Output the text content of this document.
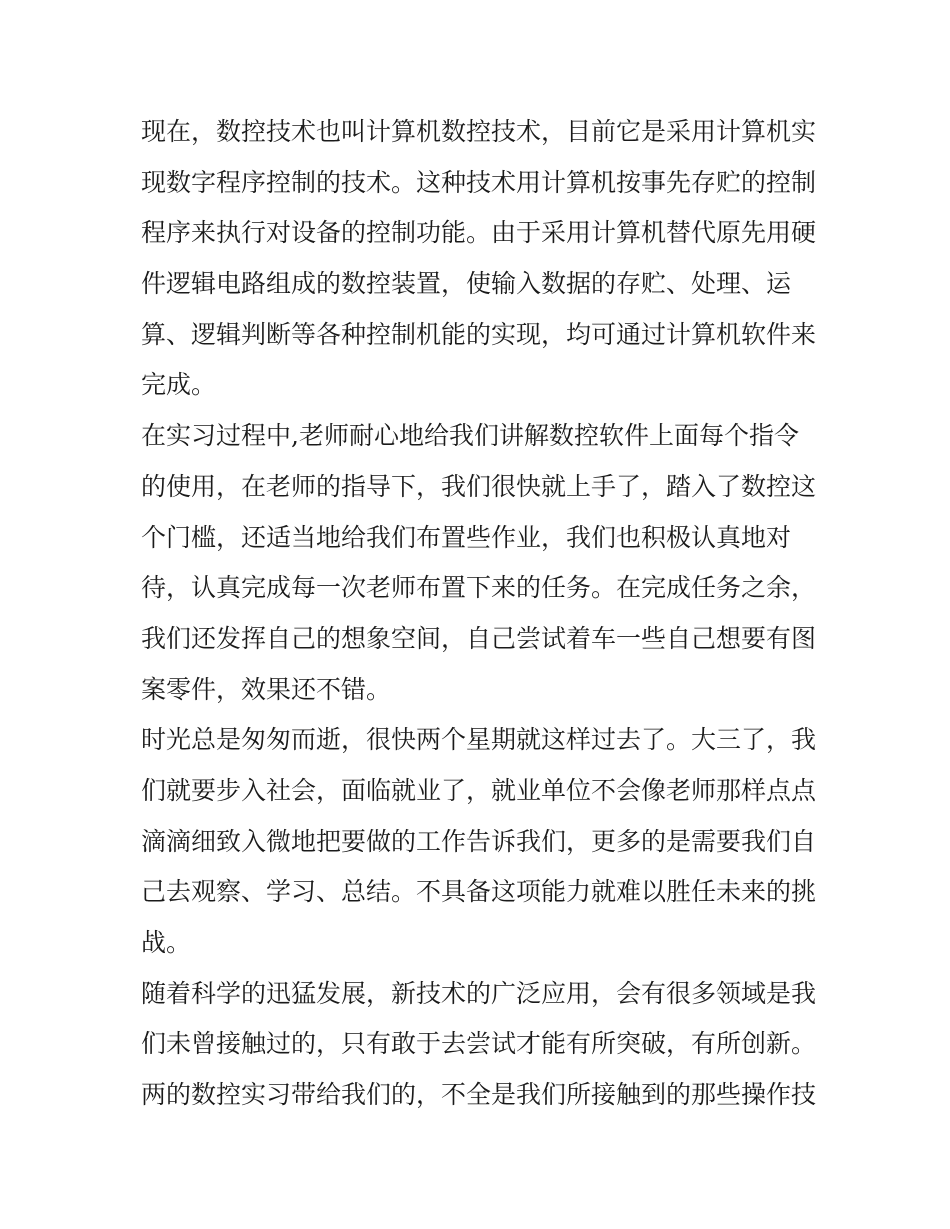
现在，数控技术也叫计算机数控技术，目前它是采用计算机实
现数字程序控制的技术。这种技术用计算机按事先存贮的控制
程序来执行对设备的控制功能。由于采用计算机替代原先用硬
件逻辑电路组成的数控装置，使输入数据的存贮、处理、运
算、逻辑判断等各种控制机能的实现，均可通过计算机软件来
完成。
在实习过程中,老师耐心地给我们讲解数控软件上面每个指令
的使用，在老师的指导下，我们很快就上手了，踏入了数控这
个门槛，还适当地给我们布置些作业，我们也积极认真地对
待，认真完成每一次老师布置下来的任务。在完成任务之余，
我们还发挥自己的想象空间，自己尝试着车一些自己想要有图
案零件，效果还不错。
时光总是匆匆而逝，很快两个星期就这样过去了。大三了，我
们就要步入社会，面临就业了，就业单位不会像老师那样点点
滴滴细致入微地把要做的工作告诉我们，更多的是需要我们自
己去观察、学习、总结。不具备这项能力就难以胜任未来的挑
战。
随着科学的迅猛发展，新技术的广泛应用，会有很多领域是我
们未曾接触过的，只有敢于去尝试才能有所突破，有所创新。
两的数控实习带给我们的，不全是我们所接触到的那些操作技
